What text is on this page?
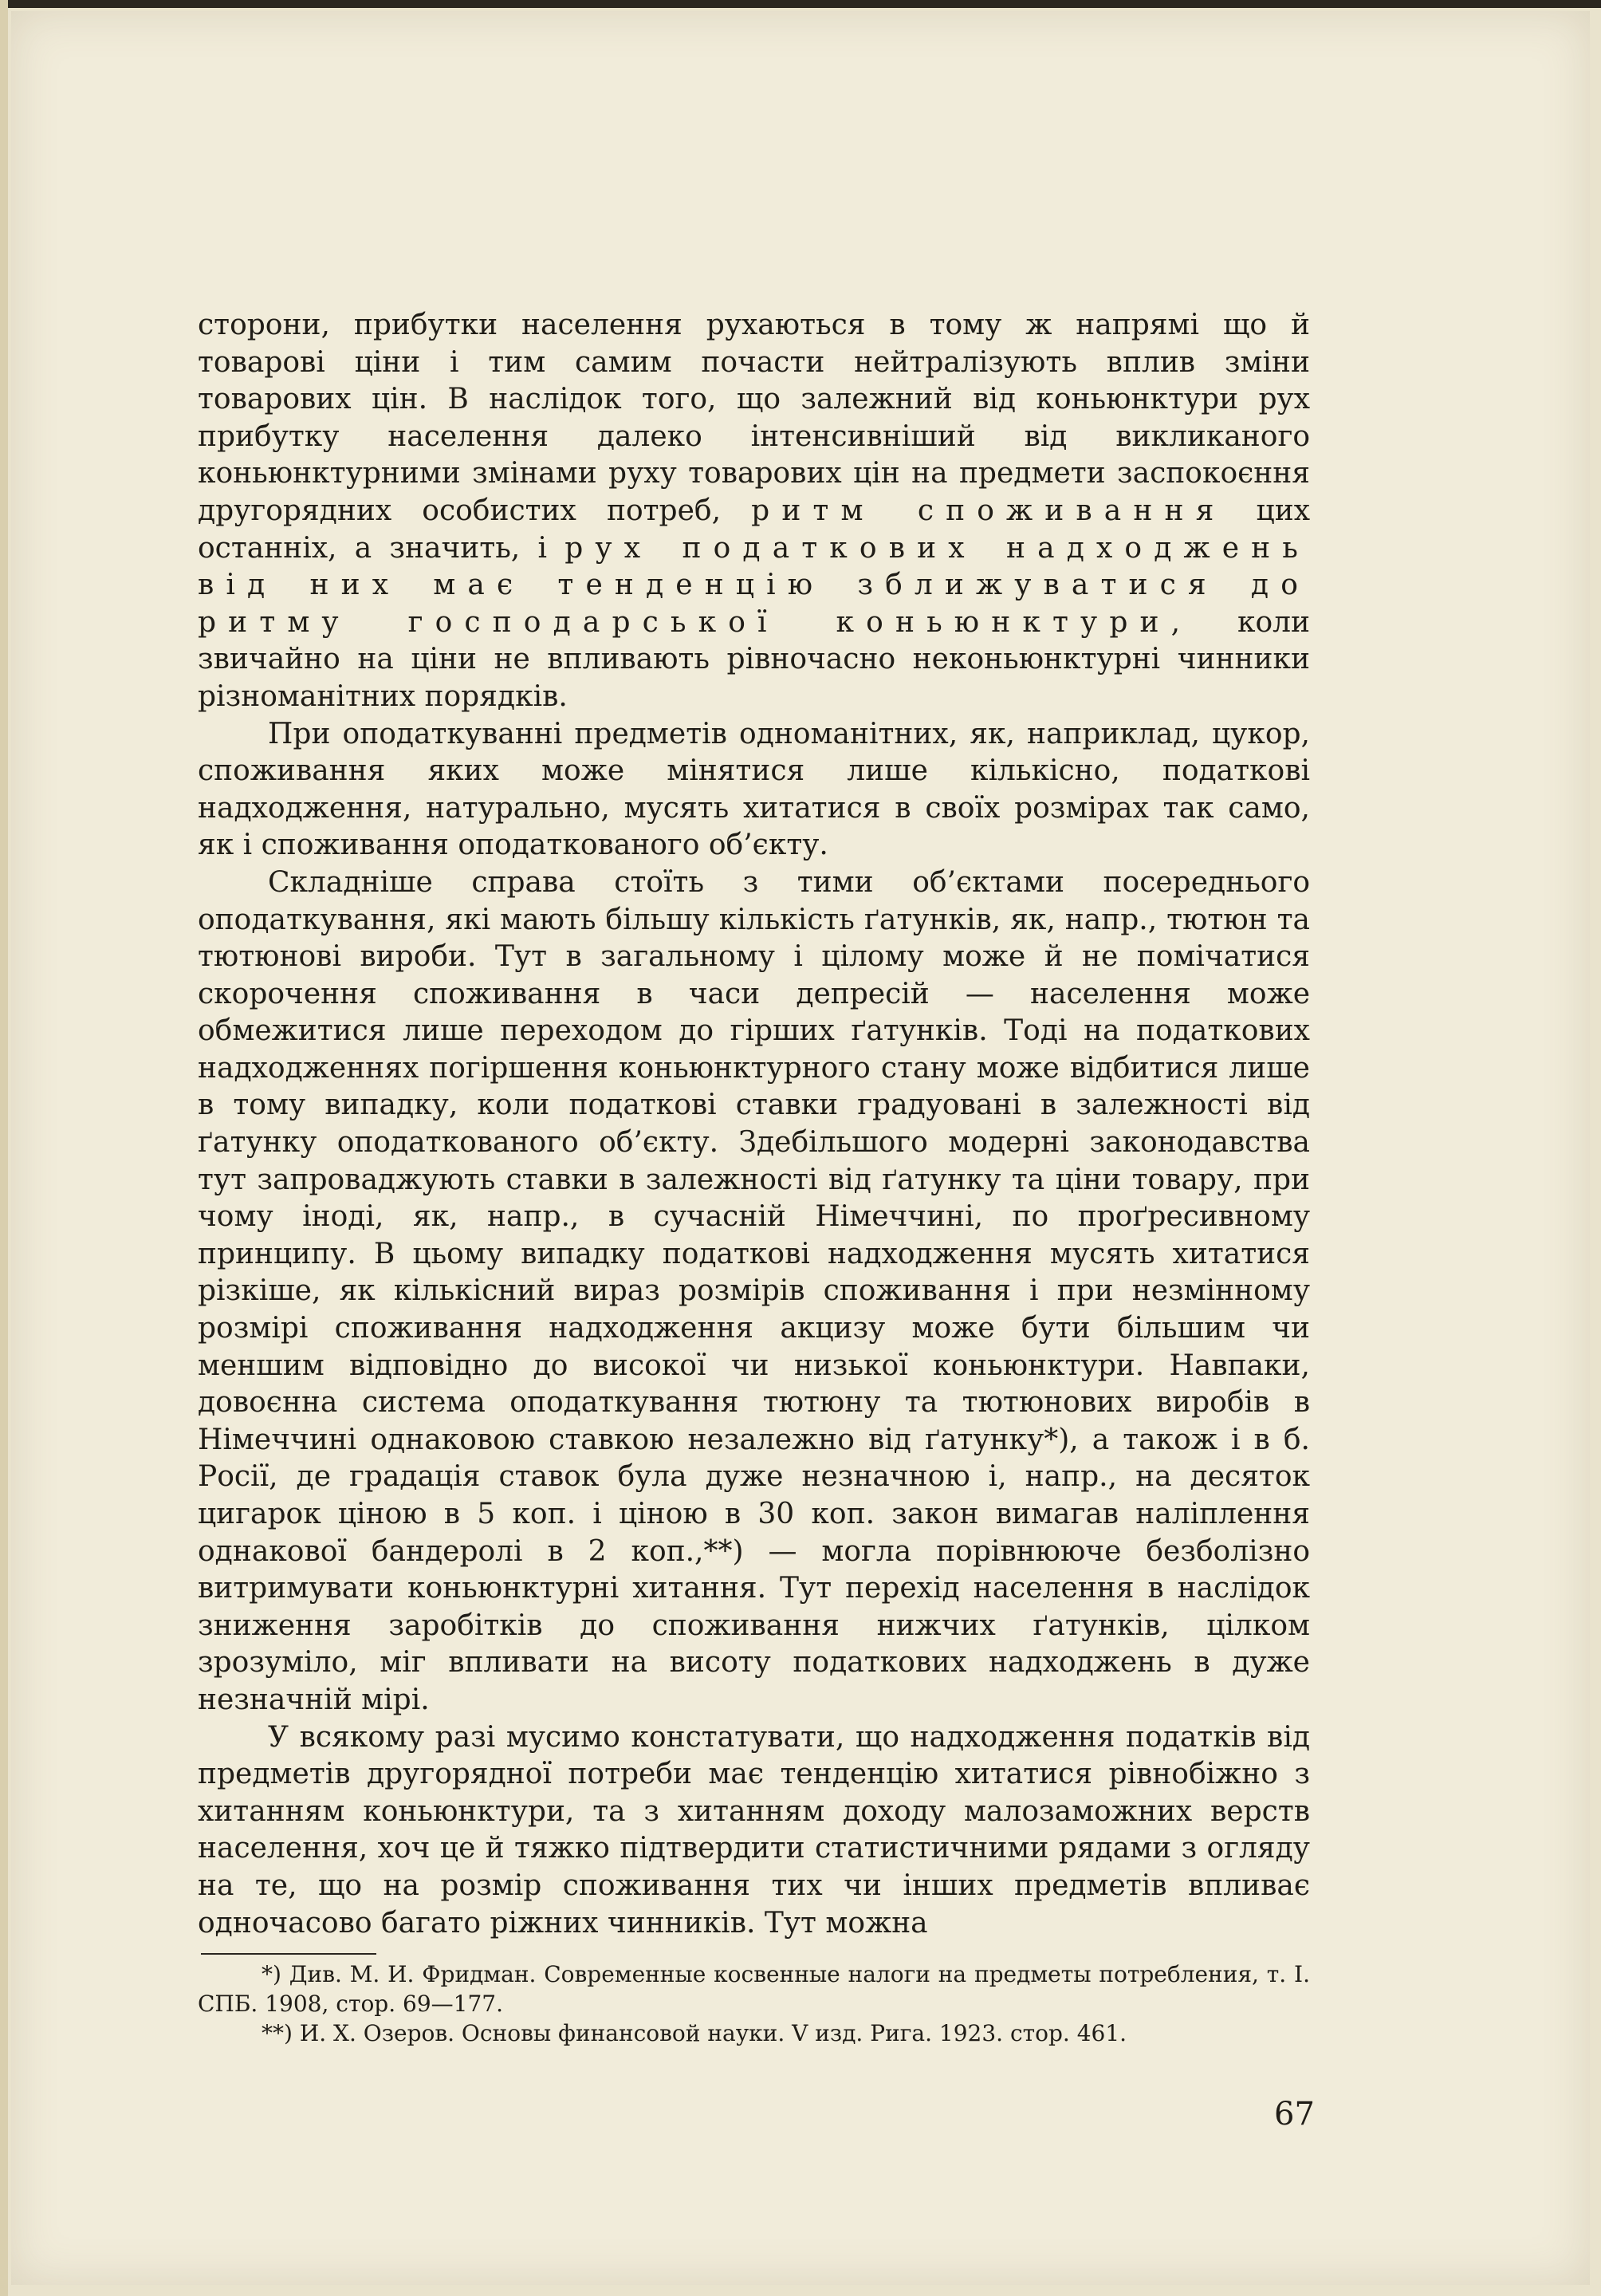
сторони, прибутки населення рухаються в тому ж напрямі що й товарові ціни і тим самим почасти нейтралізують вплив зміни товарових цін. В наслідок того, що залежний від коньюнктури рух прибутку населення далеко інтенсивніший від викликаного коньюнктурними змінами руху товарових цін на предмети заспокоєння другорядних особистих потреб, ритм споживання цих останніх, а значить, і рух податкових надходжень від них має тенденцію зближуватися до ритму господарської коньюнктури, коли звичайно на ціни не впливають рівночасно неконьюнктурні чинники різноманітних порядків.

При оподаткуванні предметів одноманітних, як, наприклад, цукор, споживання яких може мінятися лише кількісно, податкові надходження, натурально, мусять хитатися в своїх розмірах так само, як і споживання оподаткованого об’єкту.

Складніше справа стоїть з тими об’єктами посереднього оподаткування, які мають більшу кількість ґатунків, як, напр., тютюн та тютюнові вироби. Тут в загальному і цілому може й не помічатися скорочення споживання в часи депресій — населення може обмежитися лише переходом до гірших ґатунків. Тоді на податкових надходженнях погіршення коньюнктурного стану може відбитися лише в тому випадку, коли податкові ставки градуовані в залежності від ґатунку оподаткованого об’єкту. Здебільшого модерні законодавства тут запроваджують ставки в залежності від ґатунку та ціни товару, при чому іноді, як, напр., в сучасній Німеччині, по проґресивному принципу. В цьому випадку податкові надходження мусять хитатися різкіше, як кількісний вираз розмірів споживання і при незмінному розмірі споживання надходження акцизу може бути більшим чи меншим відповідно до високої чи низької коньюнктури. Навпаки, довоєнна система оподаткування тютюну та тютюнових виробів в Німеччині однаковою ставкою незалежно від ґатунку*), а також і в б. Росії, де градація ставок була дуже незначною і, напр., на десяток цигарок ціною в 5 коп. і ціною в 30 коп. закон вимагав наліплення однакової бандеролі в 2 коп.,**) — могла порівнююче безболізно витримувати коньюнктурні хитання. Тут перехід населення в наслідок зниження заробітків до споживання нижчих ґатунків, цілком зрозуміло, міг впливати на висоту податкових надходжень в дуже незначній мірі.

У всякому разі мусимо констатувати, що надходження податків від предметів другорядної потреби має тенденцію хитатися рівнобіжно з хитанням коньюнктури, та з хитанням доходу малозаможних верств населення, хоч це й тяжко підтвердити статистичними рядами з огляду на те, що на розмір споживання тих чи інших предметів впливає одночасово багато ріжних чинників. Тут можна

*) Див. М. И. Фридман. Современные косвенные налоги на предметы потребления, т. I. СПБ. 1908, стор. 69—177.

**) И. Х. Озеров. Основы финансовой науки. V изд. Рига. 1923. стор. 461.

67
